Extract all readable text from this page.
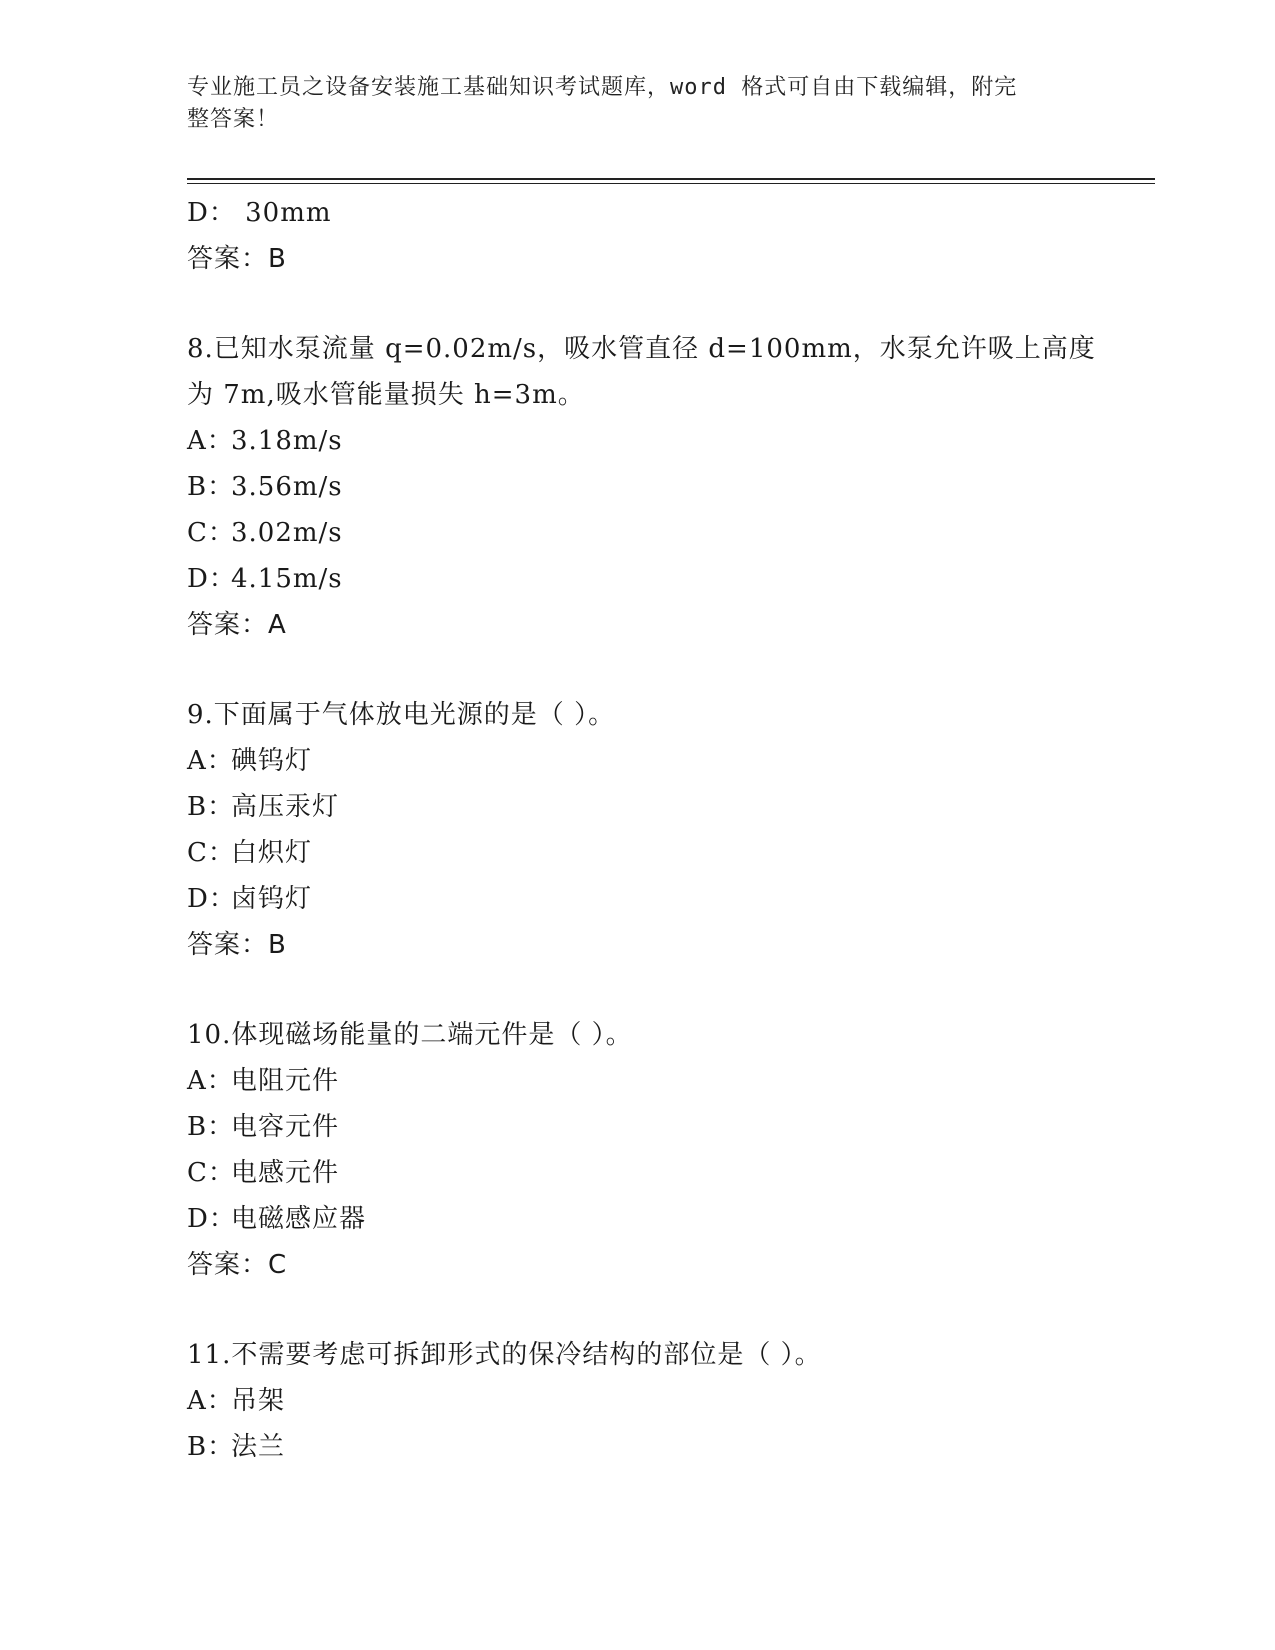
专业施工员之设备安装施工基础知识考试题库，word 格式可自由下载编辑，附完
整答案！
D： 30mm
答案：B
8.已知水泵流量 q=0.02m/s，吸水管直径 d=100mm，水泵允许吸上高度
为 7m,吸水管能量损失 h=3m。
A：3.18m/s
B：3.56m/s
C：3.02m/s
D：4.15m/s
答案：A
9.下面属于气体放电光源的是（ ）。
A：碘钨灯
B：高压汞灯
C：白炽灯
D：卤钨灯
答案：B
10.体现磁场能量的二端元件是（ ）。
A：电阻元件
B：电容元件
C：电感元件
D：电磁感应器
答案：C
11.不需要考虑可拆卸形式的保冷结构的部位是（ ）。
A：吊架
B：法兰
